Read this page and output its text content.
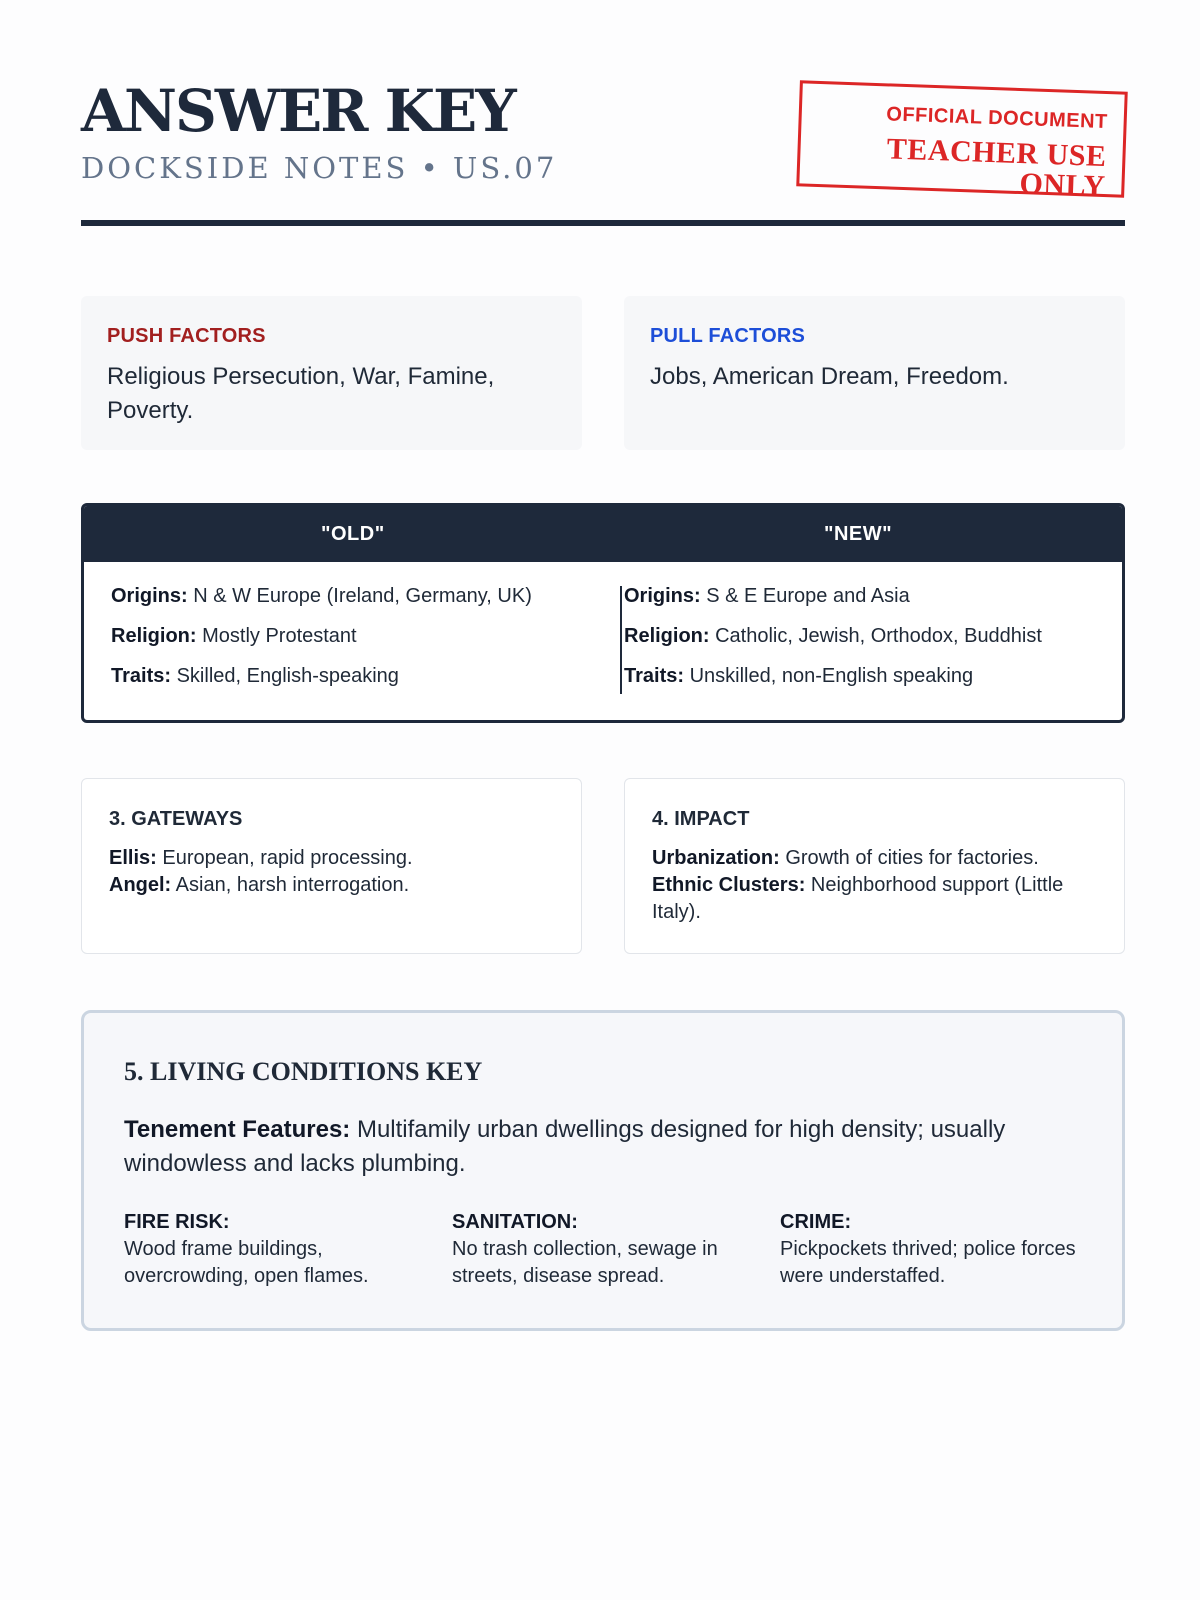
ANSWER KEY
DOCKSIDE NOTES • US.07
OFFICIAL DOCUMENT
TEACHER USE ONLY
PUSH FACTORS
Religious Persecution, War, Famine, Poverty.
PULL FACTORS
Jobs, American Dream, Freedom.
"OLD"	"NEW"
Origins: N & W Europe (Ireland, Germany, UK)
Religion: Mostly Protestant
Traits: Skilled, English-speaking
Origins: S & E Europe and Asia
Religion: Catholic, Jewish, Orthodox, Buddhist
Traits: Unskilled, non-English speaking
3. GATEWAYS
Ellis: European, rapid processing.
Angel: Asian, harsh interrogation.
4. IMPACT
Urbanization: Growth of cities for factories.
Ethnic Clusters: Neighborhood support (Little Italy).
5. LIVING CONDITIONS KEY
Tenement Features: Multifamily urban dwellings designed for high density; usually windowless and lacks plumbing.
FIRE RISK:
Wood frame buildings, overcrowding, open flames.
SANITATION:
No trash collection, sewage in streets, disease spread.
CRIME:
Pickpockets thrived; police forces were understaffed.
